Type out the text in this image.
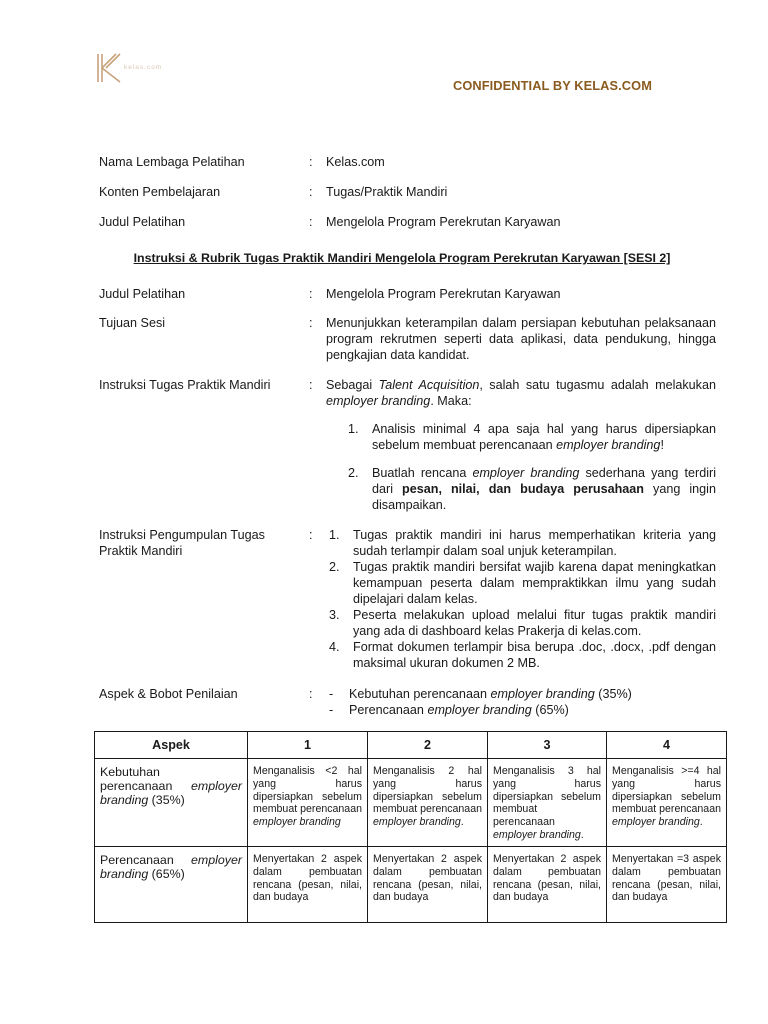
kelas.com
CONFIDENTIAL BY KELAS.COM
Nama Lembaga Pelatihan	: Kelas.com
Konten Pembelajaran	: Tugas/Praktik Mandiri
Judul Pelatihan	: Mengelola Program Perekrutan Karyawan
Instruksi & Rubrik Tugas Praktik Mandiri Mengelola Program Perekrutan Karyawan [SESI 2]
Judul Pelatihan	: Mengelola Program Perekrutan Karyawan
Tujuan Sesi	: Menunjukkan keterampilan dalam persiapan kebutuhan pelaksanaan program rekrutmen seperti data aplikasi, data pendukung, hingga pengkajian data kandidat.
Instruksi Tugas Praktik Mandiri	: Sebagai Talent Acquisition, salah satu tugasmu adalah melakukan employer branding. Maka:
1. Analisis minimal 4 apa saja hal yang harus dipersiapkan sebelum membuat perencanaan employer branding!
2. Buatlah rencana employer branding sederhana yang terdiri dari pesan, nilai, dan budaya perusahaan yang ingin disampaikan.
Instruksi Pengumpulan Tugas
Praktik Mandiri
: 1. Tugas praktik mandiri ini harus memperhatikan kriteria yang sudah terlampir dalam soal unjuk keterampilan.
2. Tugas praktik mandiri bersifat wajib karena dapat meningkatkan kemampuan peserta dalam mempraktikkan ilmu yang sudah dipelajari dalam kelas.
3. Peserta melakukan upload melalui fitur tugas praktik mandiri yang ada di dashboard kelas Prakerja di kelas.com.
4. Format dokumen terlampir bisa berupa .doc, .docx, .pdf dengan maksimal ukuran dokumen 2 MB.
Aspek & Bobot Penilaian	: - Kebutuhan perencanaan employer branding (35%)
- Perencanaan employer branding (65%)
Aspek	1	2	3	4

Kebutuhan
perencanaan employer
branding (35%)	Menganalisis <2 hal yang harus dipersiapkan sebelum membuat perencanaan employer branding	Menganalisis 2 hal yang harus dipersiapkan sebelum membuat perencanaan employer branding.	Menganalisis 3 hal yang harus dipersiapkan sebelum membuat perencanaan employer branding.	Menganalisis >=4 hal yang harus dipersiapkan sebelum membuat perencanaan employer branding.

Perencanaan employer
branding (65%)	Menyertakan 2 aspek dalam pembuatan rencana (pesan, nilai, dan budaya	Menyertakan 2 aspek dalam pembuatan rencana (pesan, nilai, dan budaya	Menyertakan 2 aspek dalam pembuatan rencana (pesan, nilai, dan budaya	Menyertakan =3 aspek dalam pembuatan rencana (pesan, nilai, dan budaya
